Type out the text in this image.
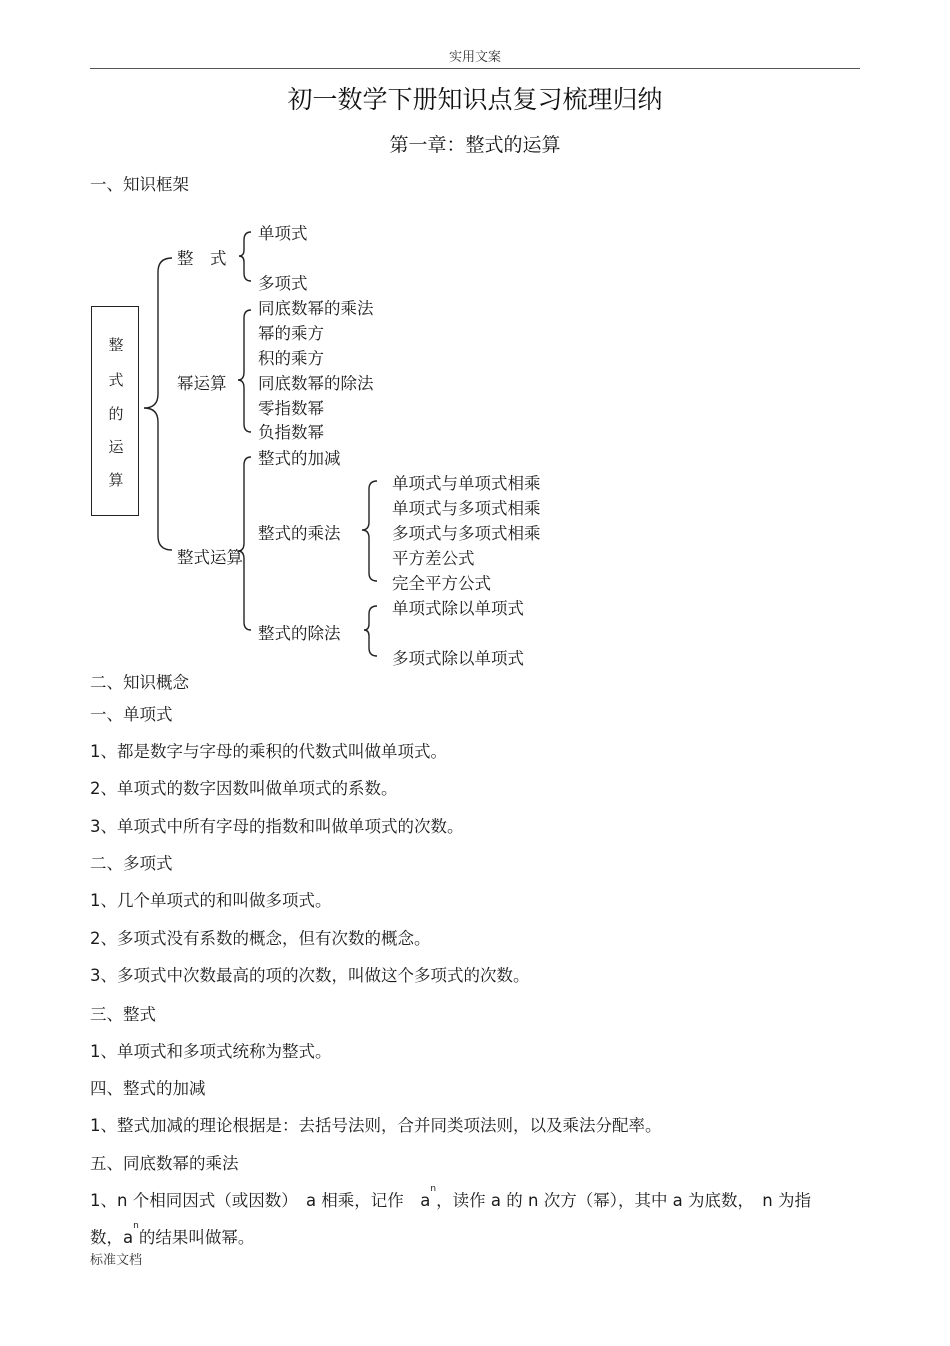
实用文案
初一数学下册知识点复习梳理归纳
第一章：整式的运算
一、知识框架
整
式
的
运
算
整　式
幂运算
整式运算
单项式
多项式
同底数幂的乘法
幂的乘方
积的乘方
同底数幂的除法
零指数幂
负指数幂
整式的加减
整式的乘法
整式的除法
单项式与单项式相乘
单项式与多项式相乘
多项式与多项式相乘
平方差公式
完全平方公式
单项式除以单项式
多项式除以单项式
二、知识概念
一、单项式
1、都是数字与字母的乘积的代数式叫做单项式。
2、单项式的数字因数叫做单项式的系数。
3、单项式中所有字母的指数和叫做单项式的次数。
二、多项式
1、几个单项式的和叫做多项式。
2、多项式没有系数的概念，但有次数的概念。
3、多项式中次数最高的项的次数，叫做这个多项式的次数。
三、整式
1、单项式和多项式统称为整式。
四、整式的加减
1、整式加减的理论根据是：去括号法则，合并同类项法则，以及乘法分配率。
五、同底数幂的乘法
1、n 个相同因式（或因数）　a 相乘，记作　$a^n$，读作 a 的 n 次方（幂），其中 a 为底数，　n 为指
数，$a^n$的结果叫做幂。
标准文档
